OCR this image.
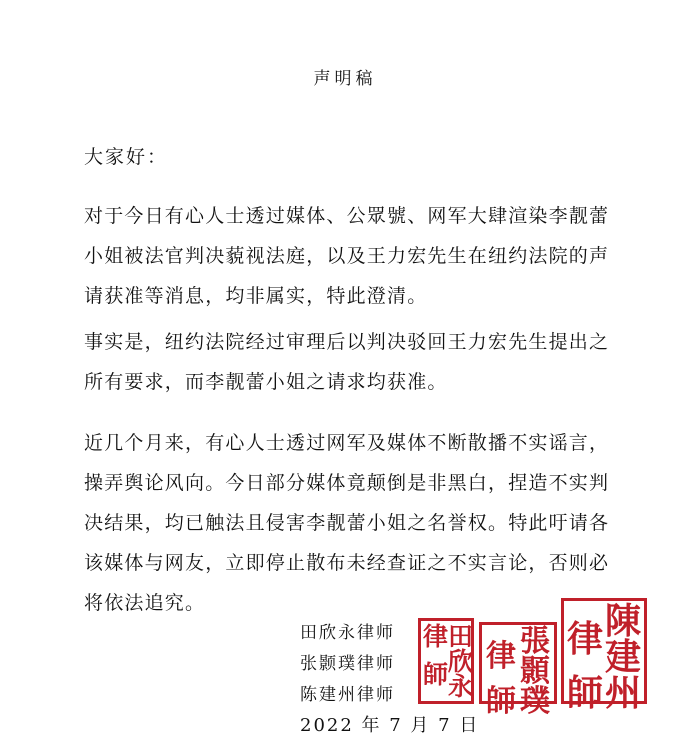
声明稿
大家好：
对于今日有心人士透过媒体、公眾號、网军大肆渲染李靓蕾
小姐被法官判决藐视法庭，以及王力宏先生在纽约法院的声
请获准等消息，均非属实，特此澄清。
事实是，纽约法院经过审理后以判决驳回王力宏先生提出之
所有要求，而李靓蕾小姐之请求均获准。
近几个月来，有心人士透过网军及媒体不断散播不实谣言，
操弄舆论风向。今日部分媒体竟颠倒是非黑白，捏造不实判
决结果，均已触法且侵害李靓蕾小姐之名誉权。特此吁请各
该媒体与网友，立即停止散布未经查证之不实言论，否则必
将依法追究。
田欣永律师
张颢璞律师
陈建州律师
2022 年 7 月 7 日
律 田
師 欣永
律 張顥
師 璞
律 陳建
師 州
